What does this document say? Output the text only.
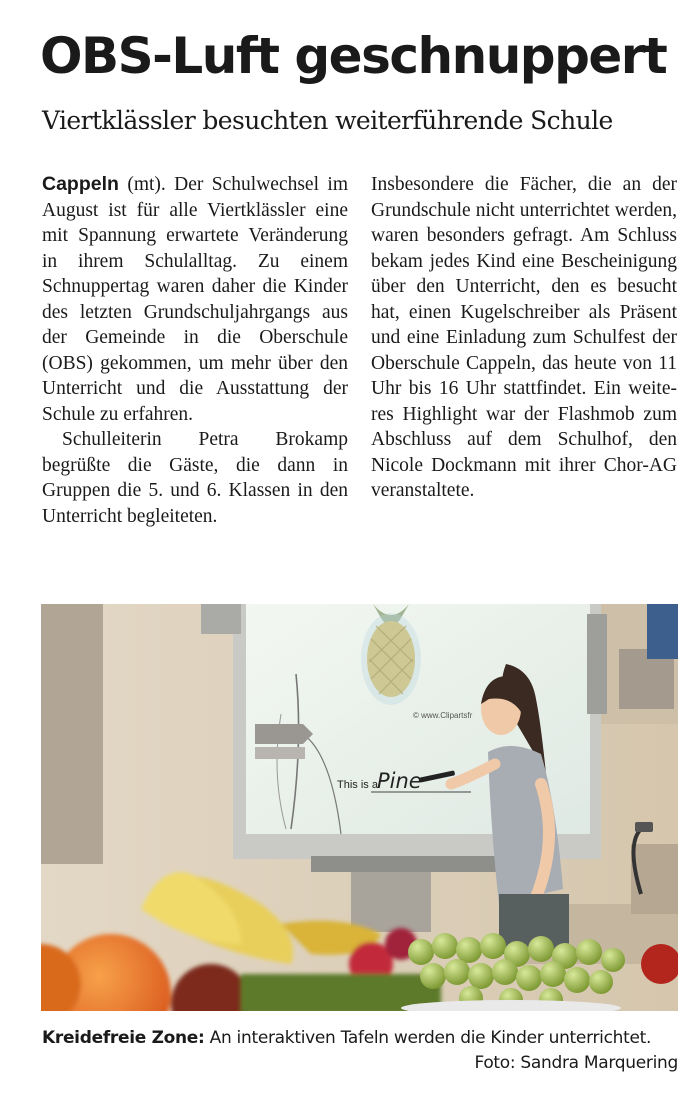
OBS-Luft geschnuppert
Viertklässler besuchten weiterführende Schule

Cappeln (mt). Der Schulwechsel im August ist für alle Viertklässler eine mit Spannung erwartete Veränderung in ihrem Schulalltag. Zu einem Schnuppertag waren daher die Kinder des letzten Grundschuljahrgangs aus der Gemeinde in die Oberschule (OBS) gekommen, um mehr über den Unterricht und die Ausstattung der Schule zu erfahren.

Schulleiterin Petra Brokamp begrüßte die Gäste, die dann in Gruppen die 5. und 6. Klassen in den Unterricht begleiteten.

Insbesondere die Fächer, die an der Grundschule nicht unterrichtet werden, waren besonders gefragt. Am Schluss bekam jedes Kind eine Bescheinigung über den Unterricht, den es besucht hat, einen Kugelschreiber als Präsent und eine Einladung zum Schulfest der Oberschule Cappeln, das heute von 11 Uhr bis 16 Uhr stattfindet. Ein weiteres Highlight war der Flashmob zum Abschluss auf dem Schulhof, den Nicole Dockmann mit ihrer Chor-AG veranstaltete.

© www.Clipartsfr
This is a Pine
Kreidefreie Zone: An interaktiven Tafeln werden die Kinder unterrichtet.
Foto: Sandra Marquering
